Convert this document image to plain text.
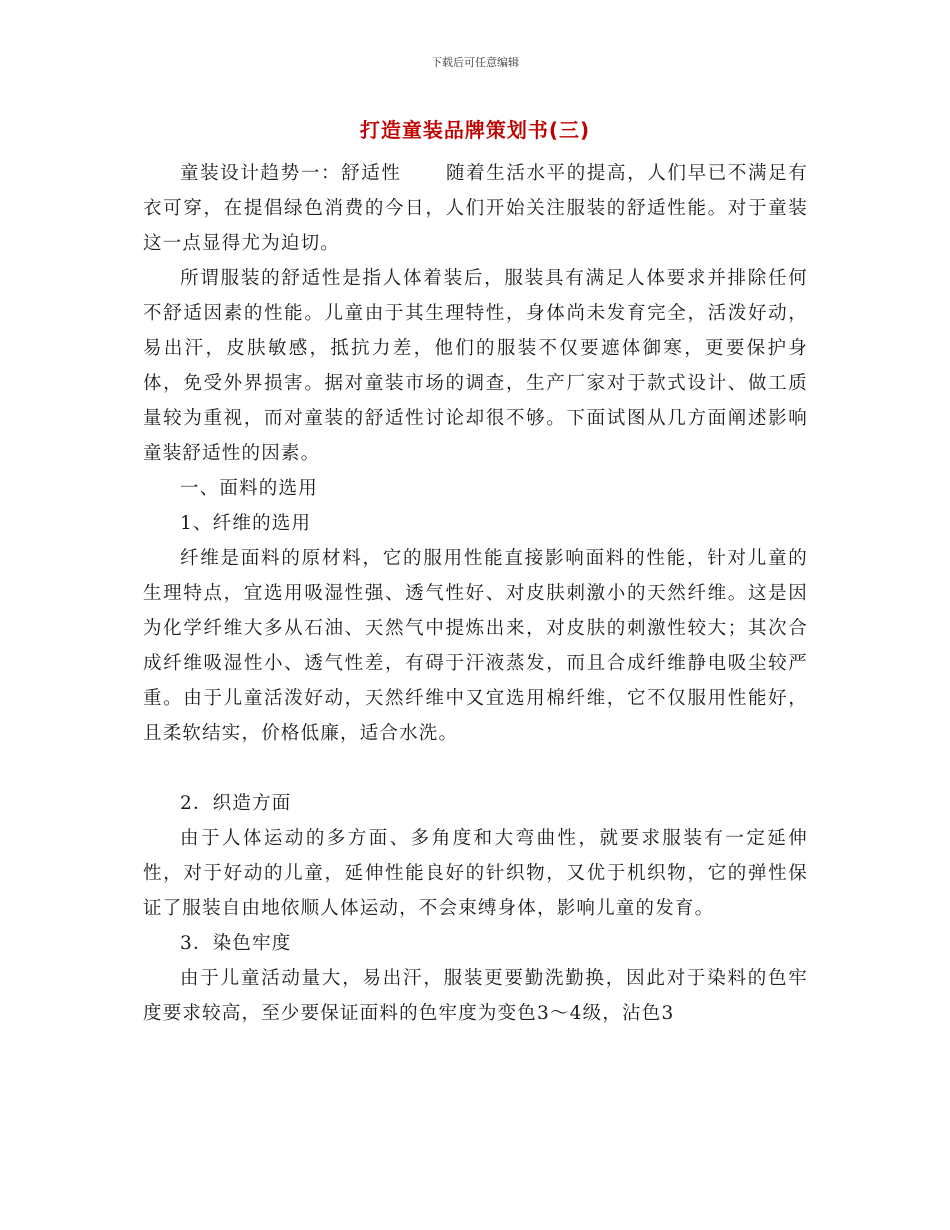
下载后可任意编辑
打造童装品牌策划书(三)

童装设计趋势一：舒适性 随着生活水平的提高，人们早已不满足有衣可穿，在提倡绿色消费的今日，人们开始关注服装的舒适性能。对于童装这一点显得尤为迫切。

所谓服装的舒适性是指人体着装后，服装具有满足人体要求并排除任何不舒适因素的性能。儿童由于其生理特性，身体尚未发育完全，活泼好动，易出汗，皮肤敏感，抵抗力差，他们的服装不仅要遮体御寒，更要保护身体，免受外界损害。据对童装市场的调查，生产厂家对于款式设计、做工质量较为重视，而对童装的舒适性讨论却很不够。下面试图从几方面阐述影响童装舒适性的因素。

一、面料的选用

1、纤维的选用

纤维是面料的原材料，它的服用性能直接影响面料的性能，针对儿童的生理特点，宜选用吸湿性强、透气性好、对皮肤刺激小的天然纤维。这是因为化学纤维大多从石油、天然气中提炼出来，对皮肤的刺激性较大；其次合成纤维吸湿性小、透气性差，有碍于汗液蒸发，而且合成纤维静电吸尘较严重。由于儿童活泼好动，天然纤维中又宜选用棉纤维，它不仅服用性能好，且柔软结实，价格低廉，适合水洗。

2．织造方面

由于人体运动的多方面、多角度和大弯曲性，就要求服装有一定延伸性，对于好动的儿童，延伸性能良好的针织物，又优于机织物，它的弹性保证了服装自由地依顺人体运动，不会束缚身体，影响儿童的发育。

3．染色牢度

由于儿童活动量大，易出汗，服装更要勤洗勤换，因此对于染料的色牢度要求较高，至少要保证面料的色牢度为变色3～4级，沾色3
